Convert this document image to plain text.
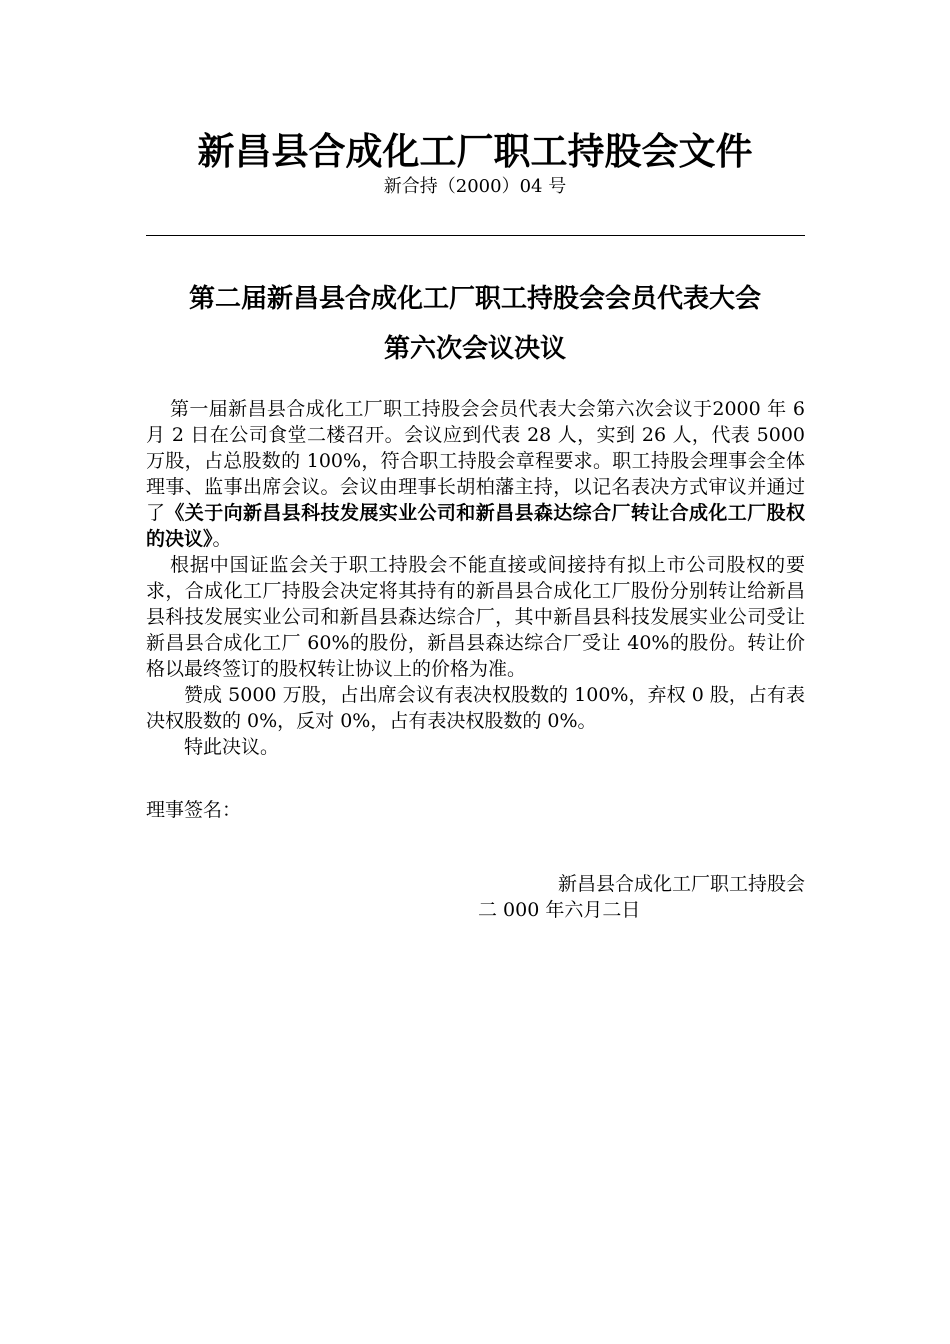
新昌县合成化工厂职工持股会文件
新合持（2000）04 号
第二届新昌县合成化工厂职工持股会会员代表大会
第六次会议决议

第一届新昌县合成化工厂职工持股会会员代表大会第六次会议于2000 年 6 月 2 日在公司食堂二楼召开。会议应到代表 28 人，实到 26 人，代表 5000 万股，占总股数的 100%，符合职工持股会章程要求。职工持股会理事会全体理事、监事出席会议。会议由理事长胡柏藩主持，以记名表决方式审议并通过了《关于向新昌县科技发展实业公司和新昌县森达综合厂转让合成化工厂股权的决议》。

根据中国证监会关于职工持股会不能直接或间接持有拟上市公司股权的要求，合成化工厂持股会决定将其持有的新昌县合成化工厂股份分别转让给新昌县科技发展实业公司和新昌县森达综合厂，其中新昌县科技发展实业公司受让新昌县合成化工厂 60%的股份，新昌县森达综合厂受让 40%的股份。转让价格以最终签订的股权转让协议上的价格为准。

赞成 5000 万股，占出席会议有表决权股数的 100%，弃权 0 股，占有表决权股数的 0%，反对 0%，占有表决权股数的 0%。

特此决议。

理事签名：
新昌县合成化工厂职工持股会
二 000 年六月二日
